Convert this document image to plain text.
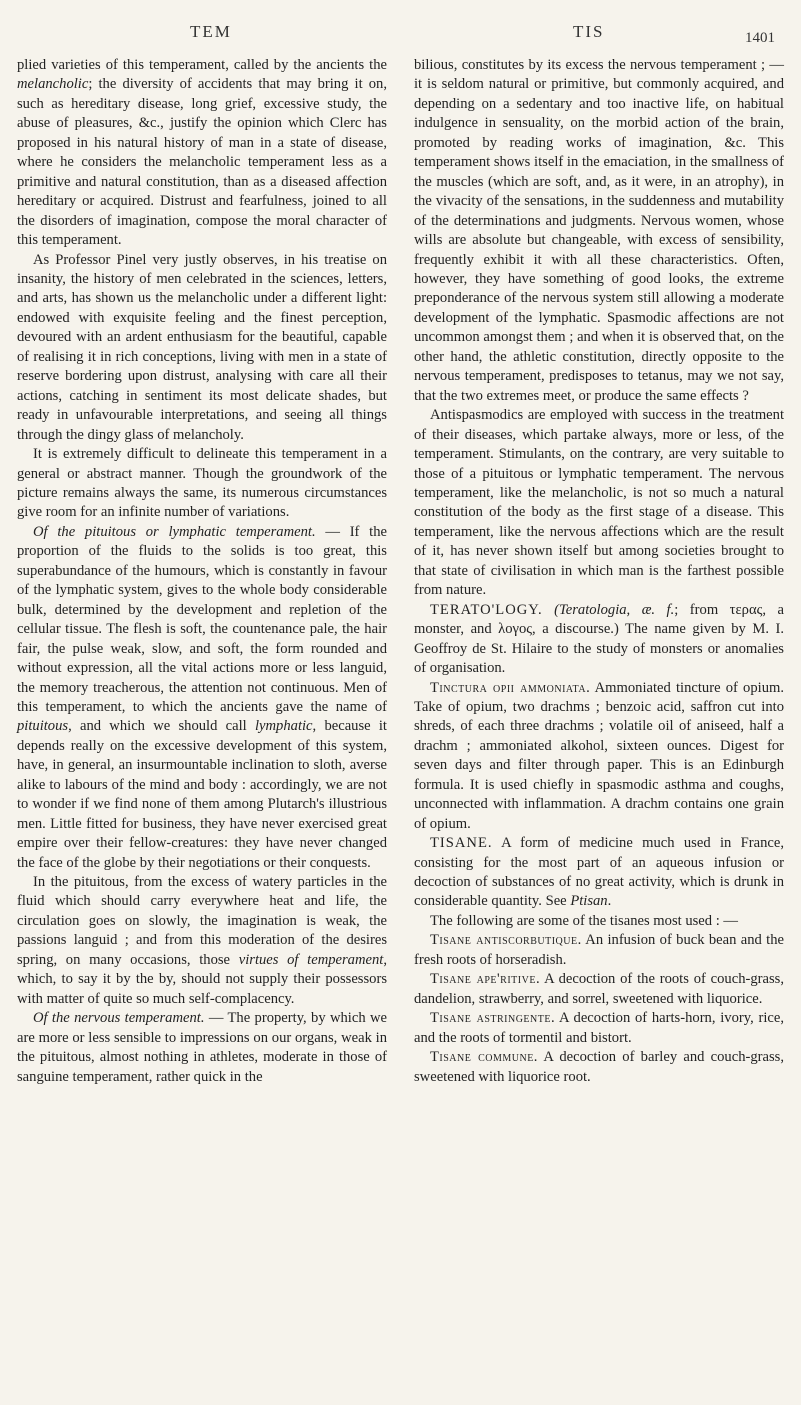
TEM	TIS	1401

plied varieties of this temperament, called by the ancients the melancholic; the diversity of accidents that may bring it on, such as hereditary disease, long grief, excessive study, the abuse of pleasures, &c., justify the opinion which Clerc has proposed in his natural history of man in a state of disease, where he considers the melancholic temperament less as a primitive and natural constitution, than as a diseased affection hereditary or acquired. Distrust and fearfulness, joined to all the disorders of imagination, compose the moral character of this temperament.

As Professor Pinel very justly observes, in his treatise on insanity, the history of men celebrated in the sciences, letters, and arts, has shown us the melancholic under a different light: endowed with exquisite feeling and the finest perception, devoured with an ardent enthusiasm for the beautiful, capable of realising it in rich conceptions, living with men in a state of reserve bordering upon distrust, analysing with care all their actions, catching in sentiment its most delicate shades, but ready in unfavourable interpretations, and seeing all things through the dingy glass of melancholy.

It is extremely difficult to delineate this temperament in a general or abstract manner. Though the groundwork of the picture remains always the same, its numerous circumstances give room for an infinite number of variations.

Of the pituitous or lymphatic temperament. — If the proportion of the fluids to the solids is too great, this superabundance of the humours, which is constantly in favour of the lymphatic system, gives to the whole body considerable bulk, determined by the development and repletion of the cellular tissue. The flesh is soft, the countenance pale, the hair fair, the pulse weak, slow, and soft, the form rounded and without expression, all the vital actions more or less languid, the memory treacherous, the attention not continuous. Men of this temperament, to which the ancients gave the name of pituitous, and which we should call lymphatic, because it depends really on the excessive development of this system, have, in general, an insurmountable inclination to sloth, averse alike to labours of the mind and body : accordingly, we are not to wonder if we find none of them among Plutarch's illustrious men. Little fitted for business, they have never exercised great empire over their fellow-creatures: they have never changed the face of the globe by their negotiations or their conquests.

In the pituitous, from the excess of watery particles in the fluid which should carry everywhere heat and life, the circulation goes on slowly, the imagination is weak, the passions languid ; and from this moderation of the desires spring, on many occasions, those virtues of temperament, which, to say it by the by, should not supply their possessors with matter of quite so much self-complacency.

Of the nervous temperament. — The property, by which we are more or less sensible to impressions on our organs, weak in the pituitous, almost nothing in athletes, moderate in those of sanguine temperament, rather quick in the

bilious, constitutes by its excess the nervous temperament ; — it is seldom natural or primitive, but commonly acquired, and depending on a sedentary and too inactive life, on habitual indulgence in sensuality, on the morbid action of the brain, promoted by reading works of imagination, &c. This temperament shows itself in the emaciation, in the smallness of the muscles (which are soft, and, as it were, in an atrophy), in the vivacity of the sensations, in the suddenness and mutability of the determinations and judgments. Nervous women, whose wills are absolute but changeable, with excess of sensibility, frequently exhibit it with all these characteristics. Often, however, they have something of good looks, the extreme preponderance of the nervous system still allowing a moderate development of the lymphatic. Spasmodic affections are not uncommon amongst them ; and when it is observed that, on the other hand, the athletic constitution, directly opposite to the nervous temperament, predisposes to tetanus, may we not say, that the two extremes meet, or produce the same effects ?

Antispasmodics are employed with success in the treatment of their diseases, which partake always, more or less, of the temperament. Stimulants, on the contrary, are very suitable to those of a pituitous or lymphatic temperament. The nervous temperament, like the melancholic, is not so much a natural constitution of the body as the first stage of a disease. This temperament, like the nervous affections which are the result of it, has never shown itself but among societies brought to that state of civilisation in which man is the farthest possible from nature.

TERATO'LOGY. (Teratologia, æ. f.; from τερας, a monster, and λογος, a discourse.) The name given by M. I. Geoffroy de St. Hilaire to the study of monsters or anomalies of organisation.

Tinctura opii ammoniata. Ammoniated tincture of opium. Take of opium, two drachms ; benzoic acid, saffron cut into shreds, of each three drachms ; volatile oil of aniseed, half a drachm ; ammoniated alkohol, sixteen ounces. Digest for seven days and filter through paper. This is an Edinburgh formula. It is used chiefly in spasmodic asthma and coughs, unconnected with inflammation. A drachm contains one grain of opium.

TISANE. A form of medicine much used in France, consisting for the most part of an aqueous infusion or decoction of substances of no great activity, which is drunk in considerable quantity. See Ptisan.

The following are some of the tisanes most used : —

Tisane antiscorbutique. An infusion of buck bean and the fresh roots of horseradish.

Tisane ape'ritive. A decoction of the roots of couch-grass, dandelion, strawberry, and sorrel, sweetened with liquorice.

Tisane astringente. A decoction of harts-horn, ivory, rice, and the roots of tormentil and bistort.

Tisane commune. A decoction of barley and couch-grass, sweetened with liquorice root.
